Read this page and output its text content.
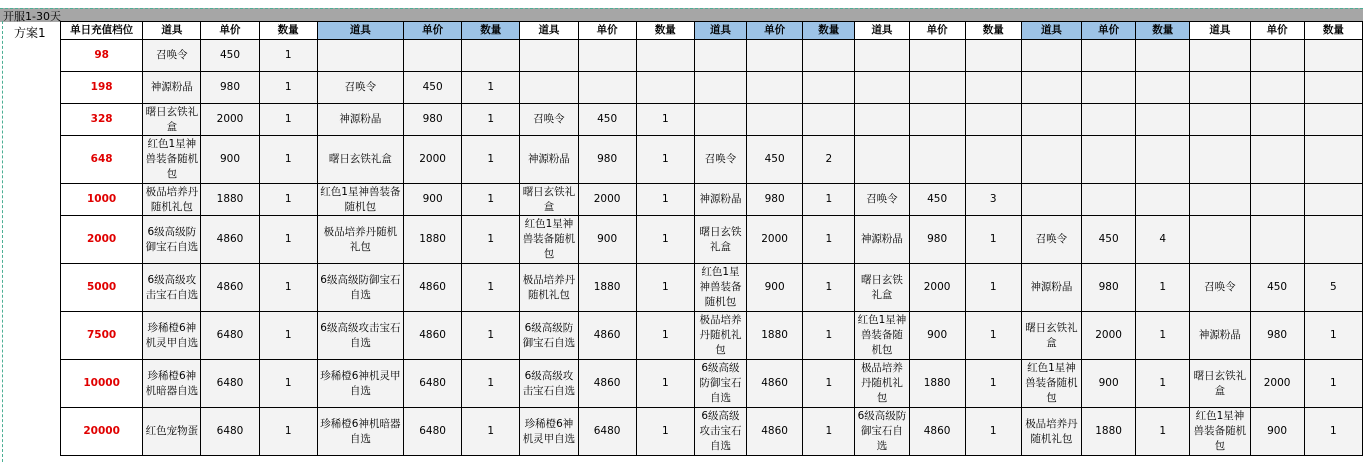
开服1-30天
方案1 单日充值档位	道具	单价	数量	道具	单价	数量	道具	单价	数量	道具	单价	数量	道具	单价	数量	道具	单价	数量	道具	单价	数量
98	召唤令	450	1																		

198	神源粉晶	980	1	召唤令	450	1															

328	曙日玄铁礼盒	2000	1	神源粉晶	980	1	召唤令	450	1												

648	红色1星神兽装备随机包	900	1	曙日玄铁礼盒	2000	1	神源粉晶	980	1	召唤令	450	2									

1000	极品培养丹随机礼包	1880	1	红色1星神兽装备随机包	900	1	曙日玄铁礼盒	2000	1	神源粉晶	980	1	召唤令	450	3						

2000	6级高级防御宝石自选	4860	1	极品培养丹随机礼包	1880	1	红色1星神兽装备随机包	900	1	曙日玄铁礼盒	2000	1	神源粉晶	980	1	召唤令	450	4			

5000	6级高级攻击宝石自选	4860	1	6级高级防御宝石自选	4860	1	极品培养丹随机礼包	1880	1	红色1星神兽装备随机包	900	1	曙日玄铁礼盒	2000	1	神源粉晶	980	1	召唤令	450	5

7500	珍稀橙6神机灵甲自选	6480	1	6级高级攻击宝石自选	4860	1	6级高级防御宝石自选	4860	1	极品培养丹随机礼包	1880	1	红色1星神兽装备随机包	900	1	曙日玄铁礼盒	2000	1	神源粉晶	980	1

10000	珍稀橙6神机暗器自选	6480	1	珍稀橙6神机灵甲自选	6480	1	6级高级攻击宝石自选	4860	1	6级高级防御宝石自选	4860	1	极品培养丹随机礼包	1880	1	红色1星神兽装备随机包	900	1	曙日玄铁礼盒	2000	1

20000	红色宠物蛋	6480	1	珍稀橙6神机暗器自选	6480	1	珍稀橙6神机灵甲自选	6480	1	6级高级攻击宝石自选	4860	1	6级高级防御宝石自选	4860	1	极品培养丹随机礼包	1880	1	红色1星神兽装备随机包	900	1
